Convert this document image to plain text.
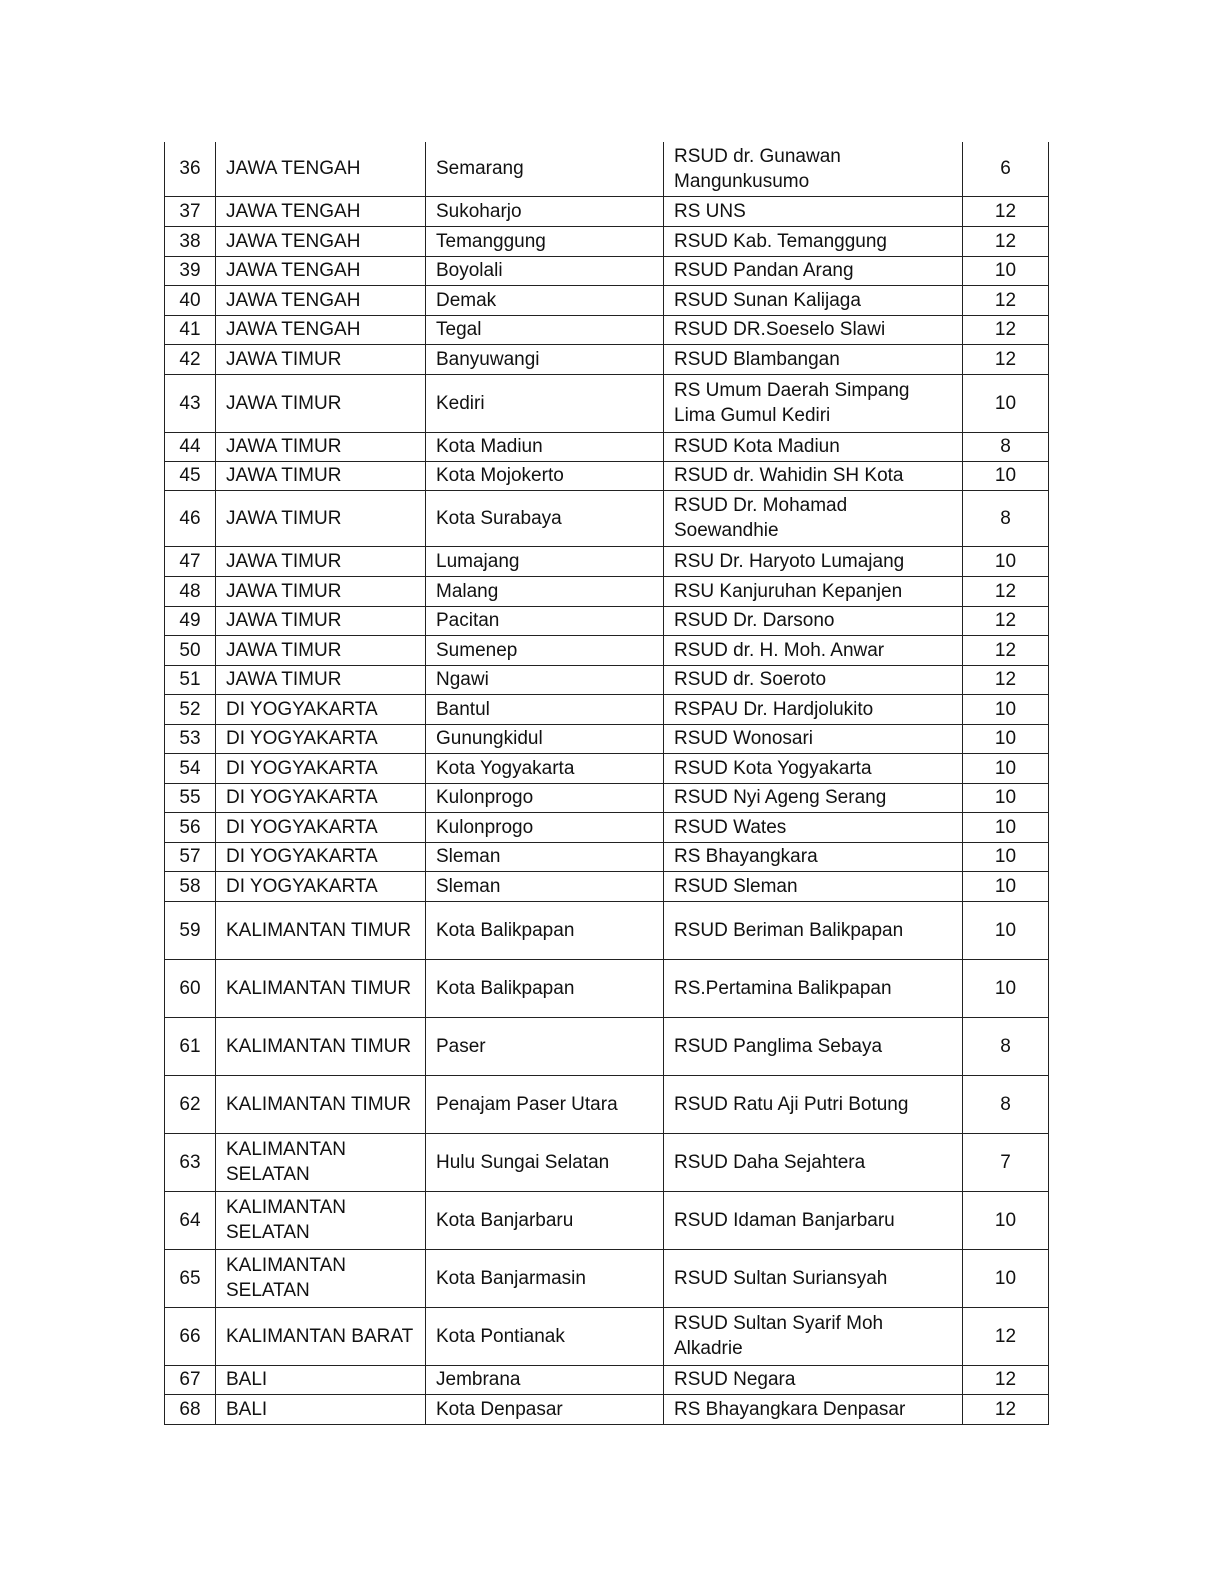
36	JAWA TENGAH	Semarang	RSUD dr. Gunawan Mangunkusumo	6
37	JAWA TENGAH	Sukoharjo	RS UNS	12
38	JAWA TENGAH	Temanggung	RSUD Kab. Temanggung	12
39	JAWA TENGAH	Boyolali	RSUD Pandan Arang	10
40	JAWA TENGAH	Demak	RSUD Sunan Kalijaga	12
41	JAWA TENGAH	Tegal	RSUD DR.Soeselo Slawi	12
42	JAWA TIMUR	Banyuwangi	RSUD Blambangan	12
43	JAWA TIMUR	Kediri	RS Umum Daerah Simpang Lima Gumul Kediri	10
44	JAWA TIMUR	Kota Madiun	RSUD Kota Madiun	8
45	JAWA TIMUR	Kota Mojokerto	RSUD dr. Wahidin SH Kota	10
46	JAWA TIMUR	Kota Surabaya	RSUD Dr. Mohamad Soewandhie	8
47	JAWA TIMUR	Lumajang	RSU Dr. Haryoto Lumajang	10
48	JAWA TIMUR	Malang	RSU Kanjuruhan Kepanjen	12
49	JAWA TIMUR	Pacitan	RSUD Dr. Darsono	12
50	JAWA TIMUR	Sumenep	RSUD dr. H. Moh. Anwar	12
51	JAWA TIMUR	Ngawi	RSUD dr. Soeroto	12
52	DI YOGYAKARTA	Bantul	RSPAU Dr. Hardjolukito	10
53	DI YOGYAKARTA	Gunungkidul	RSUD Wonosari	10
54	DI YOGYAKARTA	Kota Yogyakarta	RSUD Kota Yogyakarta	10
55	DI YOGYAKARTA	Kulonprogo	RSUD Nyi Ageng Serang	10
56	DI YOGYAKARTA	Kulonprogo	RSUD Wates	10
57	DI YOGYAKARTA	Sleman	RS Bhayangkara	10
58	DI YOGYAKARTA	Sleman	RSUD Sleman	10
59	KALIMANTAN TIMUR	Kota Balikpapan	RSUD Beriman Balikpapan	10
60	KALIMANTAN TIMUR	Kota Balikpapan	RS.Pertamina Balikpapan	10
61	KALIMANTAN TIMUR	Paser	RSUD Panglima Sebaya	8
62	KALIMANTAN TIMUR	Penajam Paser Utara	RSUD Ratu Aji Putri Botung	8
63	KALIMANTAN SELATAN	Hulu Sungai Selatan	RSUD Daha Sejahtera	7
64	KALIMANTAN SELATAN	Kota Banjarbaru	RSUD Idaman Banjarbaru	10
65	KALIMANTAN SELATAN	Kota Banjarmasin	RSUD Sultan Suriansyah	10
66	KALIMANTAN BARAT	Kota Pontianak	RSUD Sultan Syarif Moh Alkadrie	12
67	BALI	Jembrana	RSUD Negara	12
68	BALI	Kota Denpasar	RS Bhayangkara Denpasar	12
